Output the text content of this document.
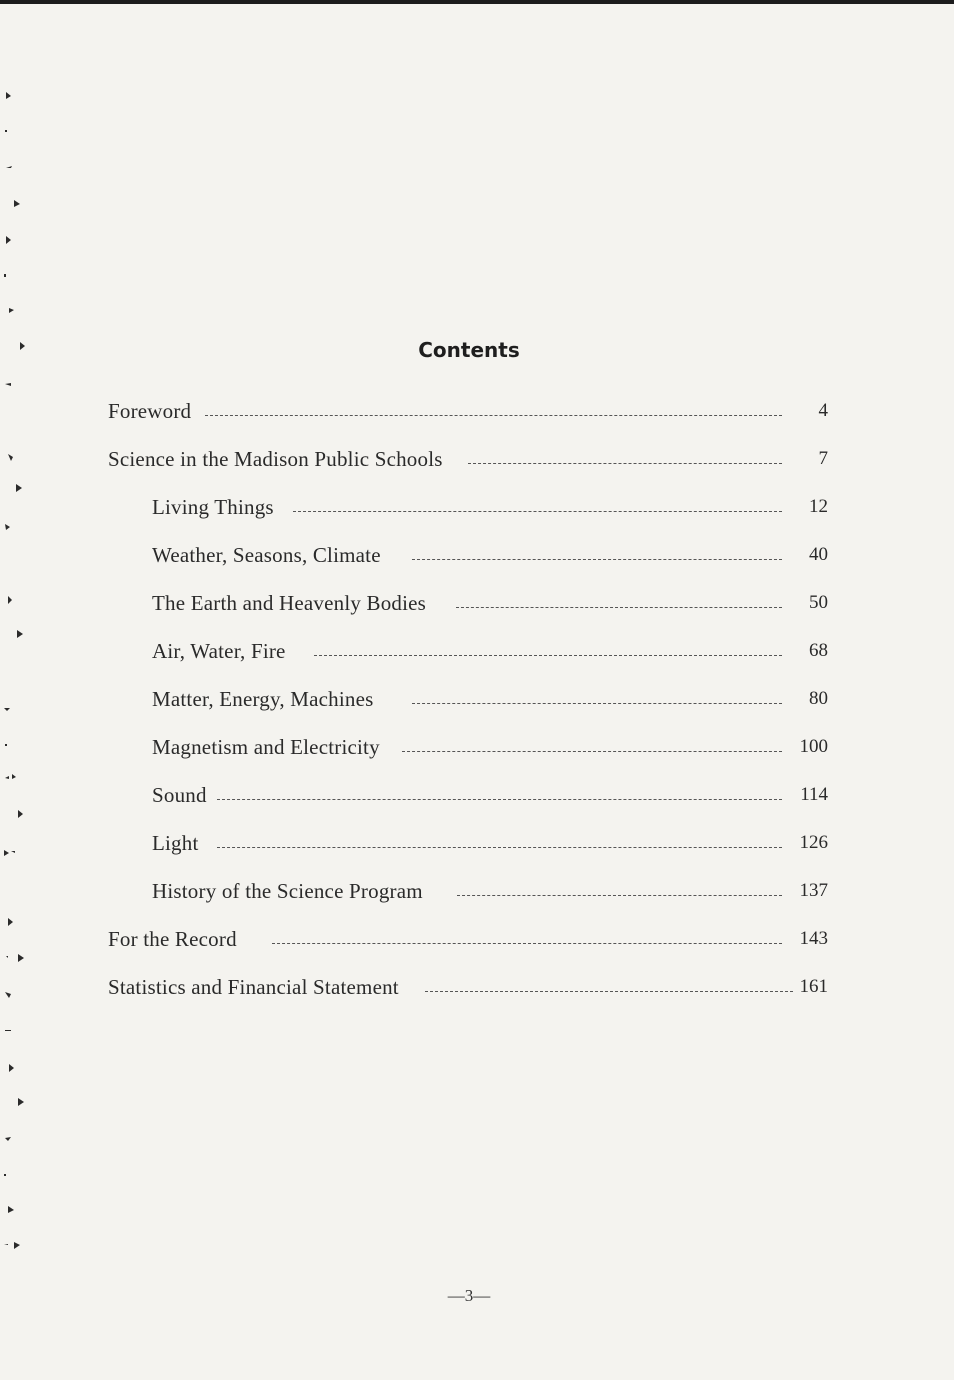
Contents
Foreword	4
Science in the Madison Public Schools	7
Living Things	12
Weather, Seasons, Climate	40
The Earth and Heavenly Bodies	50
Air, Water, Fire	68
Matter, Energy, Machines	80
Magnetism and Electricity	100
Sound	114
Light	126
History of the Science Program	137
For the Record	143
Statistics and Financial Statement	161
—3—
